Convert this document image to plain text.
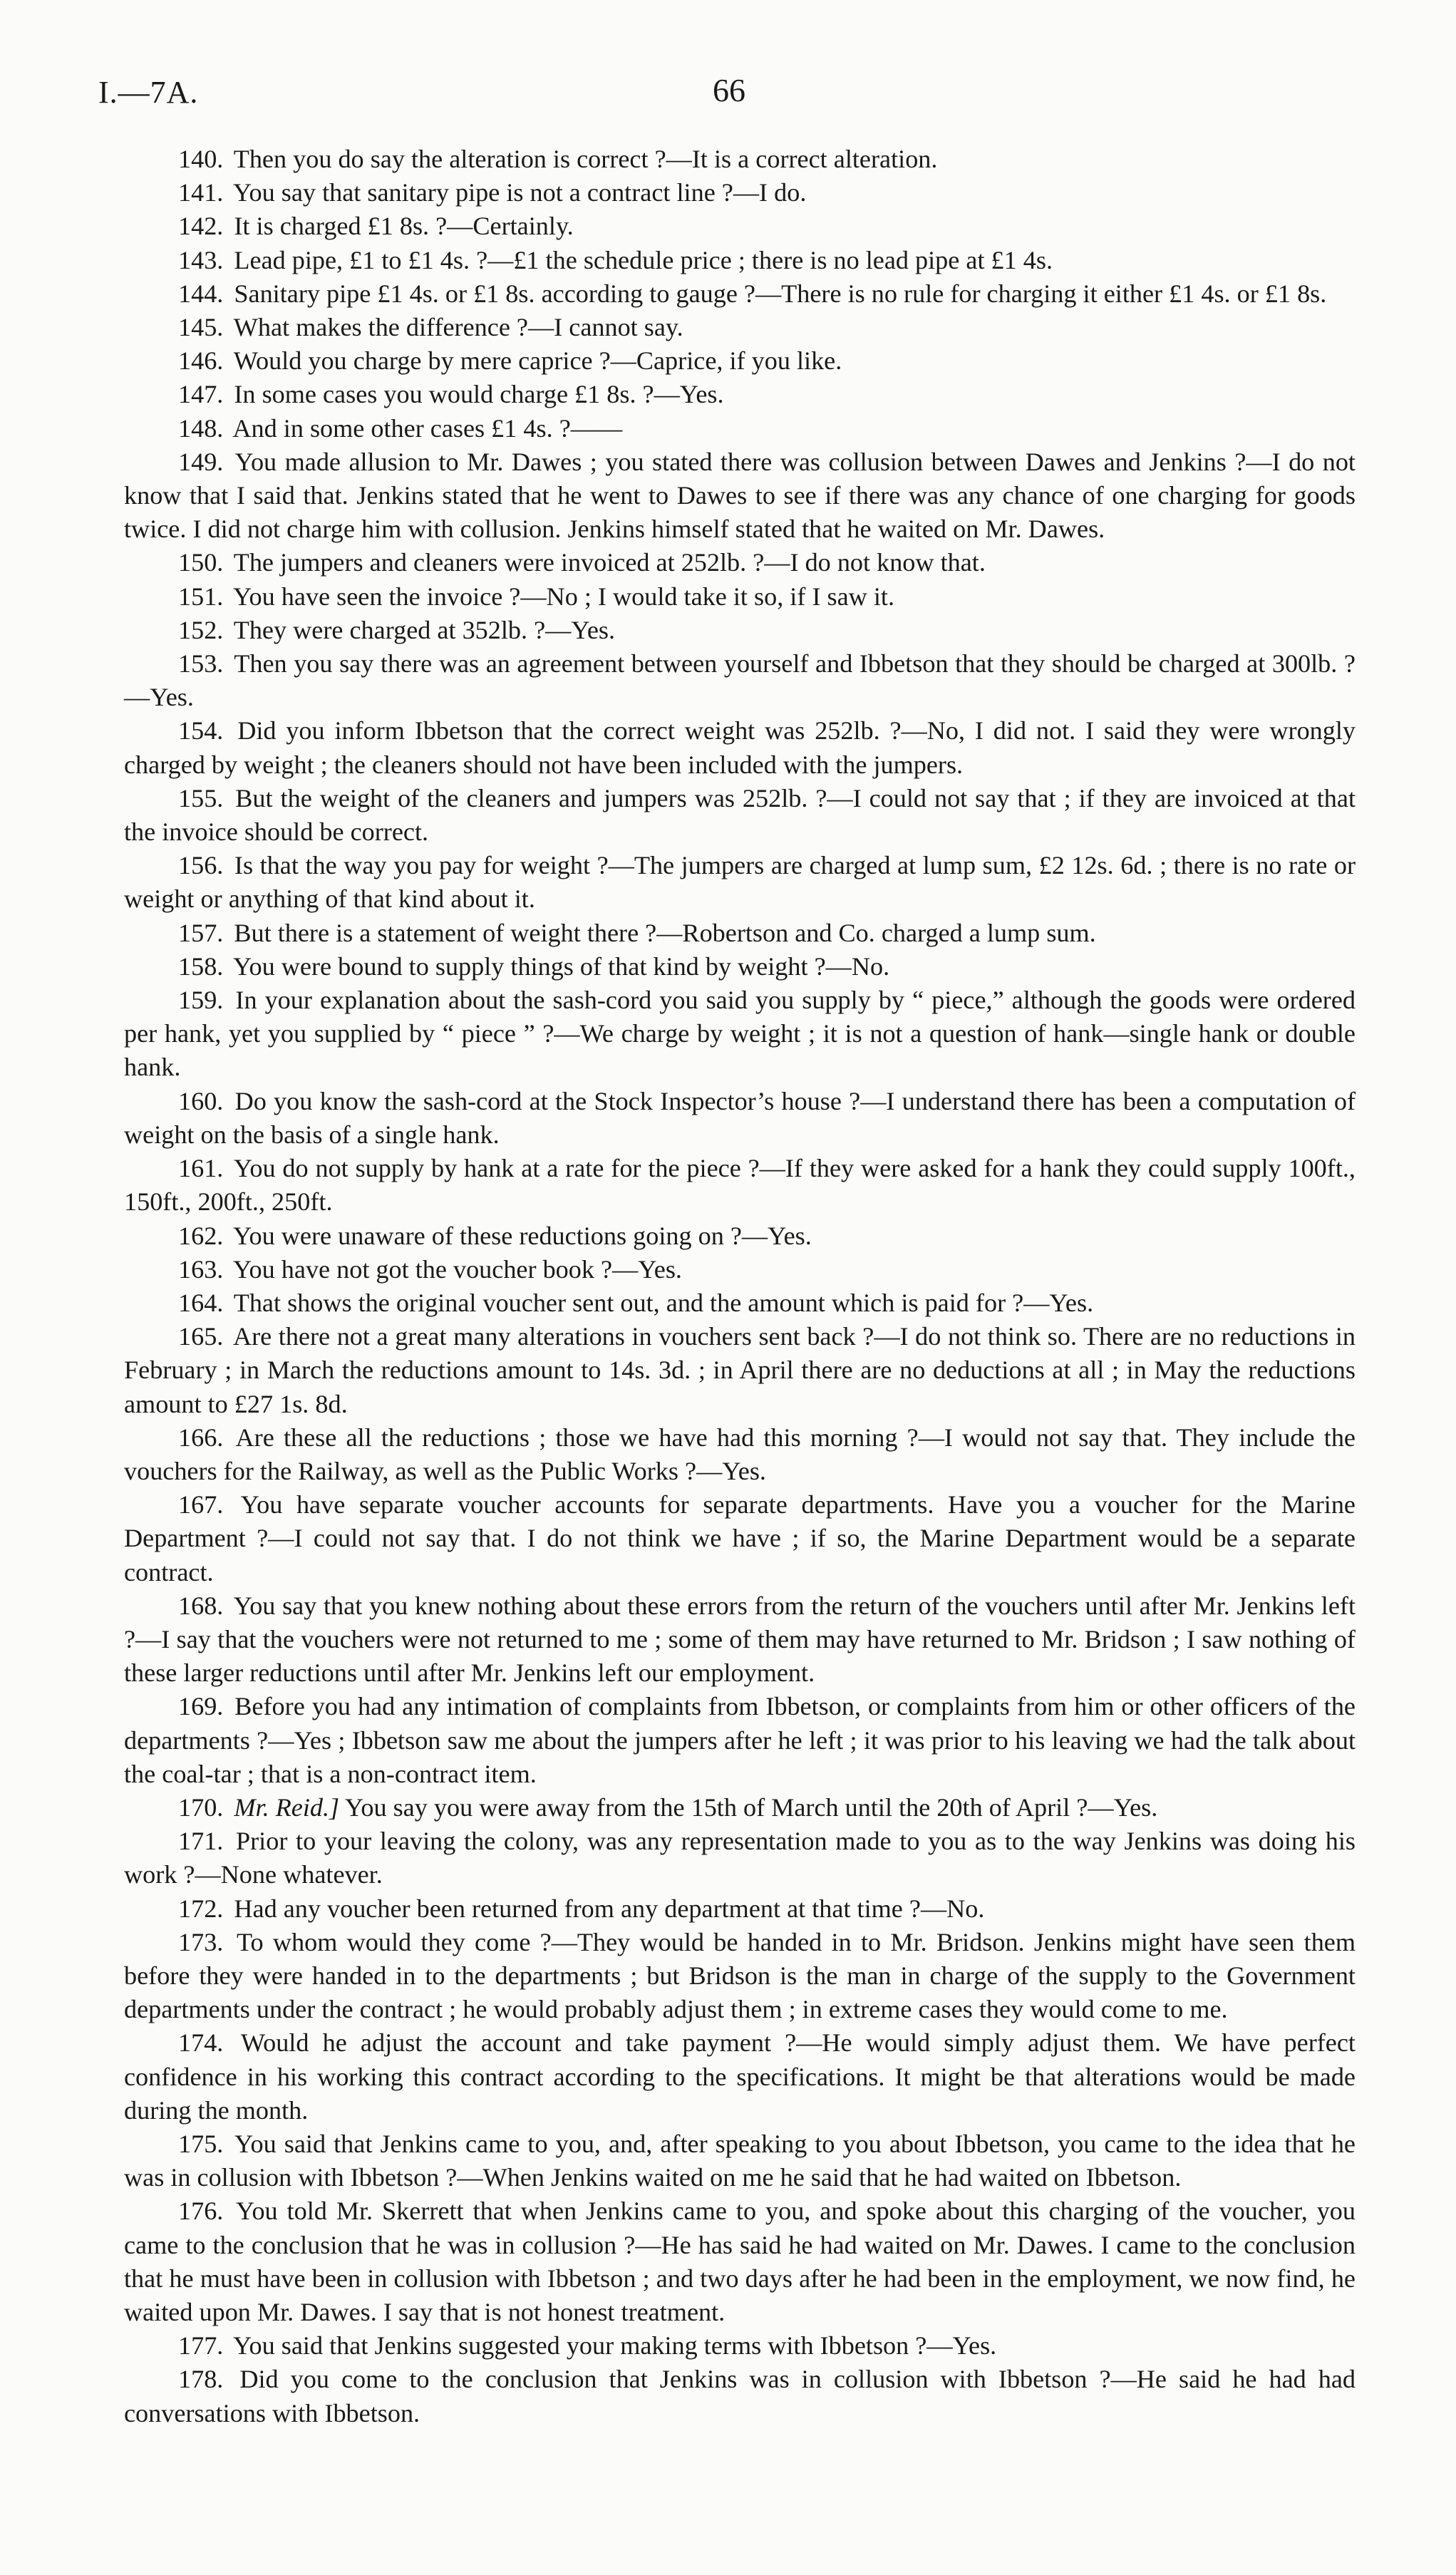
I.—7A.	66

140. Then you do say the alteration is correct ?—It is a correct alteration.

141. You say that sanitary pipe is not a contract line ?—I do.

142. It is charged £1 8s. ?—Certainly.

143. Lead pipe, £1 to £1 4s. ?—£1 the schedule price ; there is no lead pipe at £1 4s.

144. Sanitary pipe £1 4s. or £1 8s. according to gauge ?—There is no rule for charging it either £1 4s. or £1 8s.

145. What makes the difference ?—I cannot say.

146. Would you charge by mere caprice ?—Caprice, if you like.

147. In some cases you would charge £1 8s. ?—Yes.

148. And in some other cases £1 4s. ?——

149. You made allusion to Mr. Dawes ; you stated there was collusion between Dawes and Jenkins ?—I do not know that I said that. Jenkins stated that he went to Dawes to see if there was any chance of one charging for goods twice. I did not charge him with collusion. Jenkins himself stated that he waited on Mr. Dawes.

150. The jumpers and cleaners were invoiced at 252lb. ?—I do not know that.

151. You have seen the invoice ?—No ; I would take it so, if I saw it.

152. They were charged at 352lb. ?—Yes.

153. Then you say there was an agreement between yourself and Ibbetson that they should be charged at 300lb. ?—Yes.

154. Did you inform Ibbetson that the correct weight was 252lb. ?—No, I did not. I said they were wrongly charged by weight ; the cleaners should not have been included with the jumpers.

155. But the weight of the cleaners and jumpers was 252lb. ?—I could not say that ; if they are invoiced at that the invoice should be correct.

156. Is that the way you pay for weight ?—The jumpers are charged at lump sum, £2 12s. 6d. ; there is no rate or weight or anything of that kind about it.

157. But there is a statement of weight there ?—Robertson and Co. charged a lump sum.

158. You were bound to supply things of that kind by weight ?—No.

159. In your explanation about the sash-cord you said you supply by “ piece,” although the goods were ordered per hank, yet you supplied by “ piece ” ?—We charge by weight ; it is not a question of hank—single hank or double hank.

160. Do you know the sash-cord at the Stock Inspector’s house ?—I understand there has been a computation of weight on the basis of a single hank.

161. You do not supply by hank at a rate for the piece ?—If they were asked for a hank they could supply 100ft., 150ft., 200ft., 250ft.

162. You were unaware of these reductions going on ?—Yes.

163. You have not got the voucher book ?—Yes.

164. That shows the original voucher sent out, and the amount which is paid for ?—Yes.

165. Are there not a great many alterations in vouchers sent back ?—I do not think so. There are no reductions in February ; in March the reductions amount to 14s. 3d. ; in April there are no deductions at all ; in May the reductions amount to £27 1s. 8d.

166. Are these all the reductions ; those we have had this morning ?—I would not say that. They include the vouchers for the Railway, as well as the Public Works ?—Yes.

167. You have separate voucher accounts for separate departments. Have you a voucher for the Marine Department ?—I could not say that. I do not think we have ; if so, the Marine Department would be a separate contract.

168. You say that you knew nothing about these errors from the return of the vouchers until after Mr. Jenkins left ?—I say that the vouchers were not returned to me ; some of them may have returned to Mr. Bridson ; I saw nothing of these larger reductions until after Mr. Jenkins left our employment.

169. Before you had any intimation of complaints from Ibbetson, or complaints from him or other officers of the departments ?—Yes ; Ibbetson saw me about the jumpers after he left ; it was prior to his leaving we had the talk about the coal-tar ; that is a non-contract item.

170. Mr. Reid.] You say you were away from the 15th of March until the 20th of April ?—Yes.

171. Prior to your leaving the colony, was any representation made to you as to the way Jenkins was doing his work ?—None whatever.

172. Had any voucher been returned from any department at that time ?—No.

173. To whom would they come ?—They would be handed in to Mr. Bridson. Jenkins might have seen them before they were handed in to the departments ; but Bridson is the man in charge of the supply to the Government departments under the contract ; he would probably adjust them ; in extreme cases they would come to me.

174. Would he adjust the account and take payment ?—He would simply adjust them. We have perfect confidence in his working this contract according to the specifications. It might be that alterations would be made during the month.

175. You said that Jenkins came to you, and, after speaking to you about Ibbetson, you came to the idea that he was in collusion with Ibbetson ?—When Jenkins waited on me he said that he had waited on Ibbetson.

176. You told Mr. Skerrett that when Jenkins came to you, and spoke about this charging of the voucher, you came to the conclusion that he was in collusion ?—He has said he had waited on Mr. Dawes. I came to the conclusion that he must have been in collusion with Ibbetson ; and two days after he had been in the employment, we now find, he waited upon Mr. Dawes. I say that is not honest treatment.

177. You said that Jenkins suggested your making terms with Ibbetson ?—Yes.

178. Did you come to the conclusion that Jenkins was in collusion with Ibbetson ?—He said he had had conversations with Ibbetson.
